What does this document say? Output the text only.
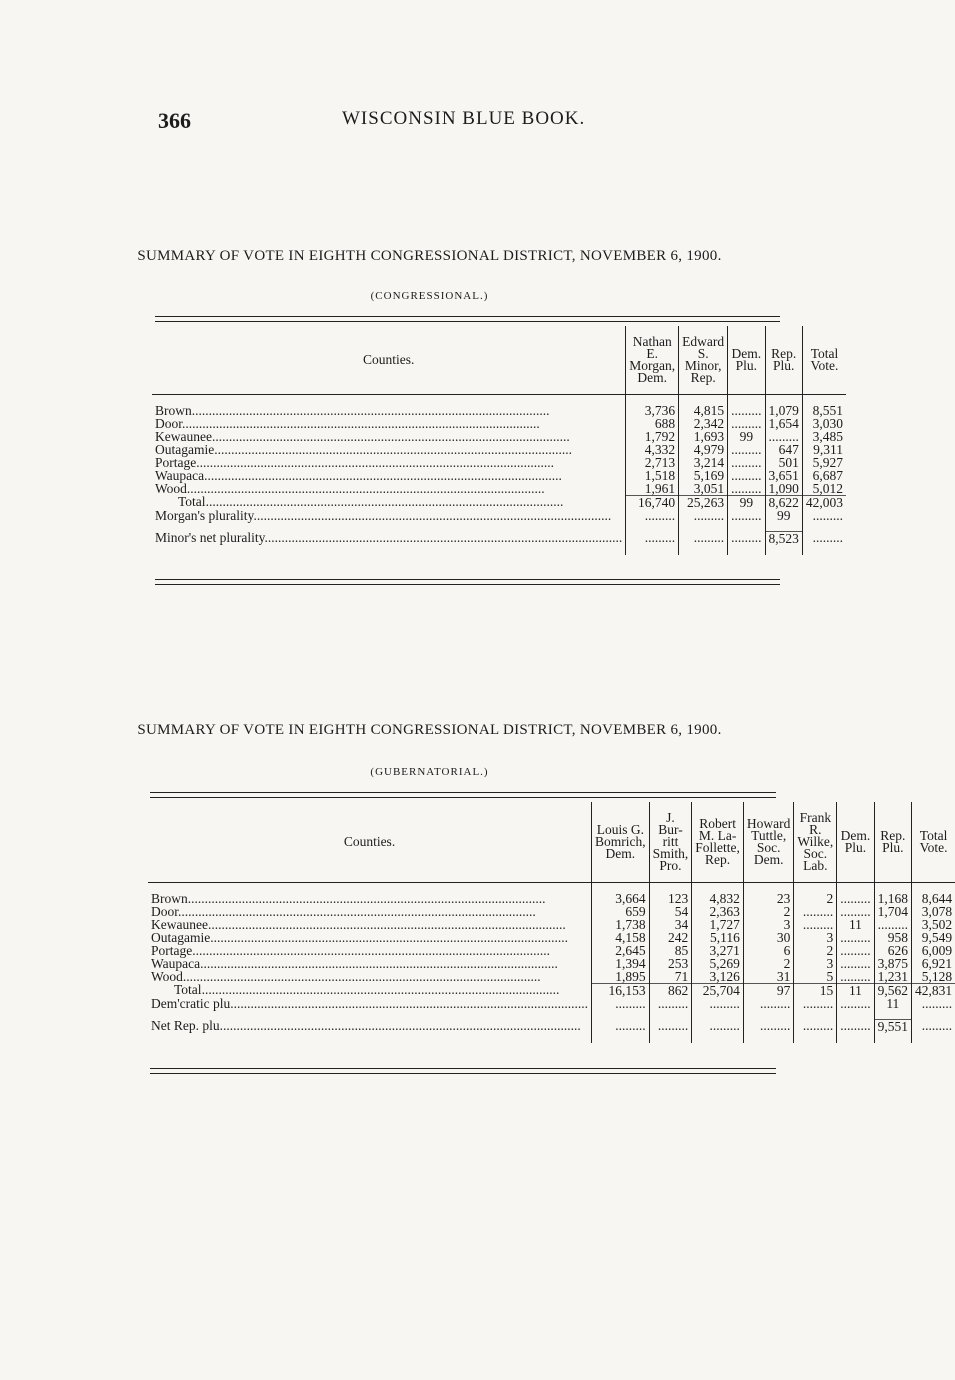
366	WISCONSIN BLUE BOOK.
SUMMARY OF VOTE IN EIGHTH CONGRESSIONAL DISTRICT, NOVEMBER 6, 1900.
(CONGRESSIONAL.)
Counties.	Nathan E.
Morgan,
Dem.	Edward S.
Minor,
Rep.	Dem.
Plu.	Rep.
Plu.	Total
Vote.

Brown..........................................................................................................	3,736	4,815	.........	1,079	8,551
Door..........................................................................................................	688	2,342	.........	1,654	3,030
Kewaunee..........................................................................................................	1,792	1,693	99	.........	3,485
Outagamie..........................................................................................................	4,332	4,979	.........	647	9,311
Portage..........................................................................................................	2,713	3,214	.........	501	5,927
Waupaca..........................................................................................................	1,518	5,169	.........	3,651	6,687
Wood..........................................................................................................	1,961	3,051	.........	1,090	5,012
Total..........................................................................................................	16,740	25,263	99	8,622	42,003
Morgan's plurality..........................................................................................................	.........	.........	.........	99	.........

Minor's net plurality..........................................................................................................	.........	.........	.........	8,523	.........

SUMMARY OF VOTE IN EIGHTH CONGRESSIONAL DISTRICT, NOVEMBER 6, 1900.
(GUBERNATORIAL.)
Counties.	Louis G.
Bomrich,
Dem.	J. Bur-
ritt
Smith,
Pro.	Robert
M. La-
Follette,
Rep.	Howard
Tuttle,
Soc.
Dem.	Frank R.
Wilke,
Soc.
Lab.	Dem.
Plu.	Rep.
Plu.	Total
Vote.

Brown..........................................................................................................	3,664	123	4,832	23	2	.........	1,168	8,644
Door..........................................................................................................	659	54	2,363	2	.........	.........	1,704	3,078
Kewaunee..........................................................................................................	1,738	34	1,727	3	.........	11	.........	3,502
Outagamie..........................................................................................................	4,158	242	5,116	30	3	.........	958	9,549
Portage..........................................................................................................	2,645	85	3,271	6	2	.........	626	6,009
Waupaca..........................................................................................................	1,394	253	5,269	2	3	.........	3,875	6,921
Wood..........................................................................................................	1,895	71	3,126	31	5	.........	1,231	5,128
Total..........................................................................................................	16,153	862	25,704	97	15	11	9,562	42,831
Dem'cratic plu..........................................................................................................	.........	.........	.........	.........	.........	.........	11	.........

Net Rep. plu...........................................................................................................	.........	.........	.........	.........	.........	.........	9,551	.........
